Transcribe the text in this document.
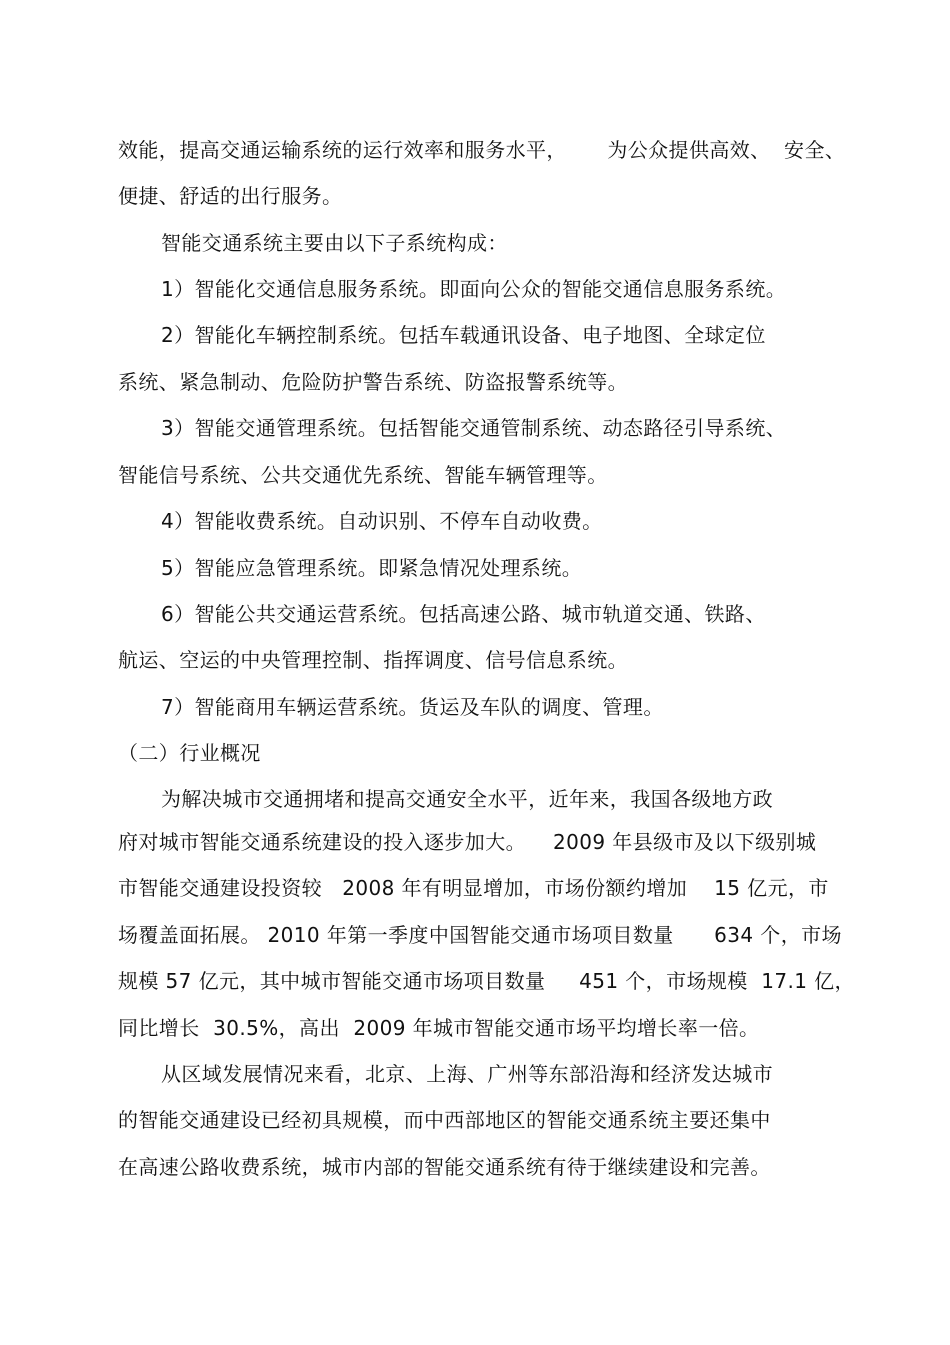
效能，提高交通运输系统的运行效率和服务水平，      为公众提供高效、  安全、
便捷、舒适的出行服务。
智能交通系统主要由以下子系统构成：
1）智能化交通信息服务系统。即面向公众的智能交通信息服务系统。
2）智能化车辆控制系统。包括车载通讯设备、电子地图、全球定位
系统、紧急制动、危险防护警告系统、防盗报警系统等。
3）智能交通管理系统。包括智能交通管制系统、动态路径引导系统、
智能信号系统、公共交通优先系统、智能车辆管理等。
4）智能收费系统。自动识别、不停车自动收费。
5）智能应急管理系统。即紧急情况处理系统。
6）智能公共交通运营系统。包括高速公路、城市轨道交通、铁路、
航运、空运的中央管理控制、指挥调度、信号信息系统。
7）智能商用车辆运营系统。货运及车队的调度、管理。
（二）行业概况
为解决城市交通拥堵和提高交通安全水平，近年来，我国各级地方政
府对城市智能交通系统建设的投入逐步加大。    2009 年县级市及以下级别城
市智能交通建设投资较   2008 年有明显增加，市场份额约增加    15 亿元，市
场覆盖面拓展。 2010 年第一季度中国智能交通市场项目数量      634 个，市场
规模 57 亿元，其中城市智能交通市场项目数量     451 个，市场规模  17.1 亿，
同比增长  30.5%，高出  2009 年城市智能交通市场平均增长率一倍。
从区域发展情况来看，北京、上海、广州等东部沿海和经济发达城市
的智能交通建设已经初具规模，而中西部地区的智能交通系统主要还集中
在高速公路收费系统，城市内部的智能交通系统有待于继续建设和完善。
